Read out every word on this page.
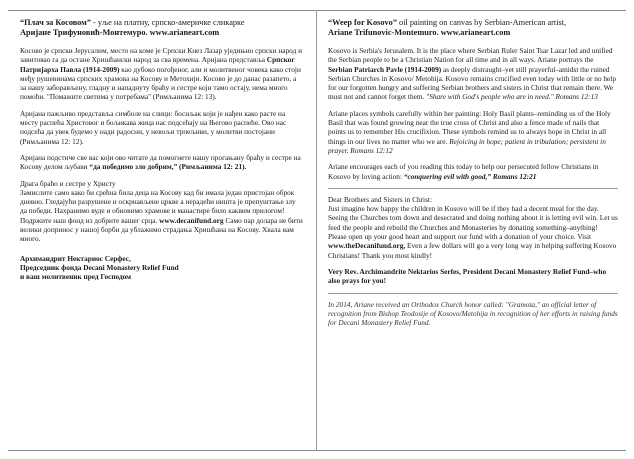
“Плач за Косовом” - уље на платну, српско-америчке сликарке
Аријане Трифуновић-Монтемуро. www.arianeart.com

Косово је српски Јерусалим, место на коме је Српски Кнез Лазар уједињио српски народ и завитовао га да остане Хришћански народ за сва времена. Аријана представља Српског Патријарха Павла (1914-2009) као дубоко погођеног, али и молитвеног човека како стоји међу рушевинама српских храмова на Косову и Метохији. Косово је до данас разапето, а за нашу заборављену, гладну и нападнуту браћу и сестре који тамо остају, нема много помоћи. "Помажите светима у потребама" (Римљанима 12: 13).

Аријана пажљиво представља симболе на слици: босиљак који је нађен како расте на месту распећа Христовог и бољикава жица нас подсећају на Његово распеће. Ово нас подсећа да увек будемо у нади радосни, у невољи трпељиви, у молитви постојани (Римљанима 12: 12).

Аријана подстиче све вас који ово читате да помогнете нашу прогањану браћу и сестре на Косову делом љубави “да победимо зло добрим,” (Римљанима 12: 21).

Драга браћо и сестре у Христу
Замислите само како би срећна била деца на Косову кад би имала један пристојан оброк дневно. Гледајући разрушене и оскрнављене цркве а нерадећи ништа је препуштање злу да победи. Нахранимо вуде и обновимо храмове и манастире било каквим прилогом! Подржите наш фонд из добрите вашег срца. www.decanifund.org Само пар долара не бити велики допринос у нашој борби да ублажимо страдања Хришћана на Косову. Хвала вам много.

Архимандрит Нектариос Серфес,
Председник фонда Decani Monastery Relief Fund
и ваш молитвеник пред Господом

“Weep for Kosovo” oil painting on canvas by Serbian-American artist,
Ariane Trifunovic-Montemuro. www.arianeart.com

Kosovo is Serbia's Jerusalem. It is the place where Serbian Ruler Saint Tsar Lazar led and unified the Serbian people to be a Christian Nation for all time and in all ways. Ariane portrays the Serbian Patriarch Pavle (1914-2009) as deeply distraught–yet still prayerful–amidst the ruined Serbian Churches in Kosovo/ Metohija. Kosovo remains crucified even today with little or no help for our forgotten hungry and suffering Serbian brothers and sisters in Christ that remain there. We must not and cannot forget them. "Share with God's people who are in need." Romans 12:13

Ariane places symbols carefully within her painting: Holy Basil plants–reminding us of the Holy Basil that was found growing near the true cross of Christ and also a fence made of nails that points us to remember His crucifixion. These symbols remind us to always hope in Christ in all things in our lives no matter who we are. Rejoicing in hope; patient in tribulation; persistent in prayer. Romans 12:12

Ariane encourages each of you reading this today to help our persecuted fellow Christians in Kosovo by loving action: “conquering evil with good,” Romans 12:21

Dear Brothers and Sisters in Christ:
Just imagine how happy the children in Kosovo will be if they had a decent meal for the day. Seeing the Churches torn down and desecrated and doing nothing about it is letting evil win. Let us feed the people and rebuild the Churches and Monasteries by donating something–anything! Please open up your good heart and support our fund with a donation of your choice. Visit www.theDecanifund.org, Even a few dollars will go a very long way in helping suffering Kosovo Christians! Thank you most kindly!

Very Rev. Archimandrite Nektarios Serfes, President Decani Monastery Relief Fund–who also prays for you!

In 2014, Ariane received an Orthodox Church honor called: "Gramota," an official letter of recognition from Bishop Teodosije of Kosovo/Metohija in recognition of her efforts in raising funds for Decani Monastery Relief Fund.
